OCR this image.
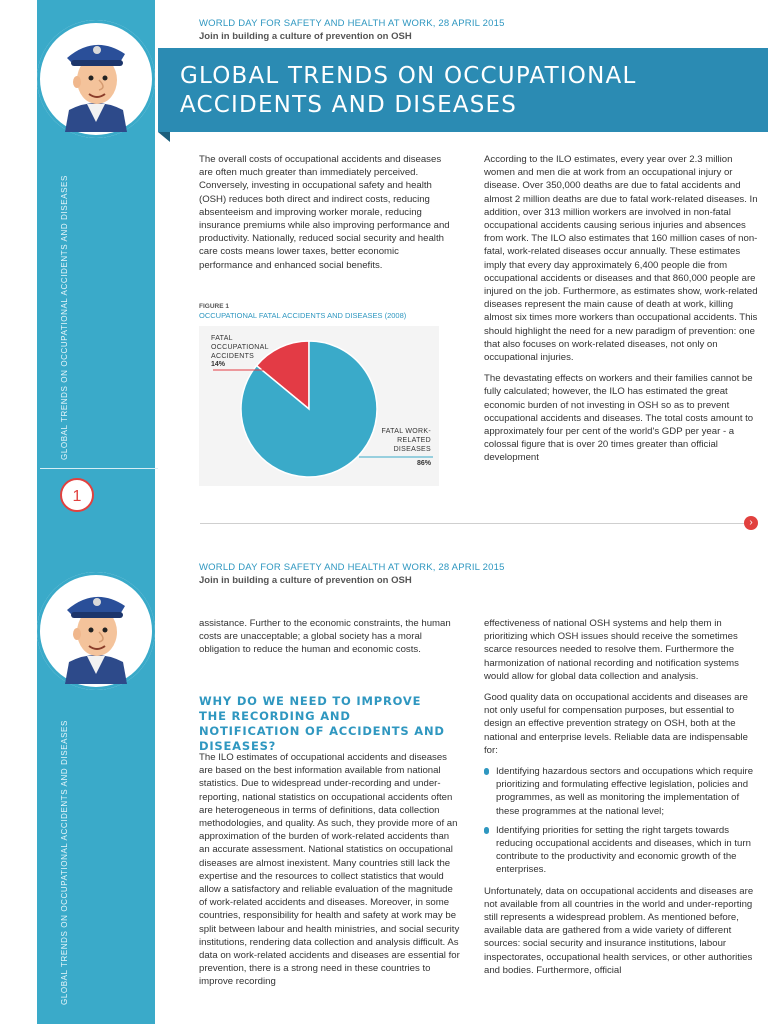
GLOBAL TRENDS ON OCCUPATIONAL ACCIDENTS AND DISEASES
1
GLOBAL TRENDS ON OCCUPATIONAL ACCIDENTS AND DISEASES
WORLD DAY FOR SAFETY AND HEALTH AT WORK, 28 APRIL 2015
Join in building a culture of prevention on OSH
GLOBAL TRENDS ON OCCUPATIONAL
ACCIDENTS AND DISEASES

The overall costs of occupational accidents and diseases are often much greater than immediately perceived. Conversely, investing in occupational safety and health (OSH) reduces both direct and indirect costs, reducing absenteeism and improving worker morale, reducing insurance premiums while also improving performance and productivity. Nationally, reduced social security and health care costs means lower taxes, better economic performance and enhanced social benefits.

FIGURE 1
OCCUPATIONAL FATAL ACCIDENTS AND DISEASES (2008)
FATAL OCCUPATIONAL ACCIDENTS
14%
FATAL WORK-RELATED DISEASES
86%

According to the ILO estimates, every year over 2.3 million women and men die at work from an occupational injury or disease. Over 350,000 deaths are due to fatal accidents and almost 2 million deaths are due to fatal work-related diseases. In addition, over 313 million workers are involved in non-fatal occupational accidents causing serious injuries and absences from work. The ILO also estimates that 160 million cases of non-fatal, work-related diseases occur annually. These estimates imply that every day approximately 6,400 people die from occupational accidents or diseases and that 860,000 people are injured on the job. Furthermore, as estimates show, work-related diseases represent the main cause of death at work, killing almost six times more workers than occupational accidents. This should highlight the need for a new paradigm of prevention: one that also focuses on work-related diseases, not only on occupational injuries.

The devastating effects on workers and their families cannot be fully calculated; however, the ILO has estimated the great economic burden of not investing in OSH so as to prevent occupational accidents and diseases. The total costs amount to approximately four per cent of the world's GDP per year - a colossal figure that is over 20 times greater than official development

›
WORLD DAY FOR SAFETY AND HEALTH AT WORK, 28 APRIL 2015
Join in building a culture of prevention on OSH

assistance. Further to the economic constraints, the human costs are unacceptable; a global society has a moral obligation to reduce the human and economic costs.

WHY DO WE NEED TO IMPROVE THE RECORDING AND NOTIFICATION OF ACCIDENTS AND DISEASES?

The ILO estimates of occupational accidents and diseases are based on the best information available from national statistics. Due to widespread under-recording and under-reporting, national statistics on occupational accidents often are heterogeneous in terms of definitions, data collection methodologies, and quality. As such, they provide more of an approximation of the burden of work-related accidents than an accurate assessment. National statistics on occupational diseases are almost inexistent. Many countries still lack the expertise and the resources to collect statistics that would allow a satisfactory and reliable evaluation of the magnitude of work-related accidents and diseases. Moreover, in some countries, responsibility for health and safety at work may be split between labour and health ministries, and social security institutions, rendering data collection and analysis difficult. As data on work-related accidents and diseases are essential for prevention, there is a strong need in these countries to improve recording

effectiveness of national OSH systems and help them in prioritizing which OSH issues should receive the sometimes scarce resources needed to resolve them. Furthermore the harmonization of national recording and notification systems would allow for global data collection and analysis.

Good quality data on occupational accidents and diseases are not only useful for compensation purposes, but essential to design an effective prevention strategy on OSH, both at the national and enterprise levels. Reliable data are indispensable for:

Identifying hazardous sectors and occupations which require prioritizing and formulating effective legislation, policies and programmes, as well as monitoring the implementation of these programmes at the national level;
Identifying priorities for setting the right targets towards reducing occupational accidents and diseases, which in turn contribute to the productivity and economic growth of the enterprises.

Unfortunately, data on occupational accidents and diseases are not available from all countries in the world and under-reporting still represents a widespread problem. As mentioned before, available data are gathered from a wide variety of different sources: social security and insurance institutions, labour inspectorates, occupational health services, or other authorities and bodies. Furthermore, official
